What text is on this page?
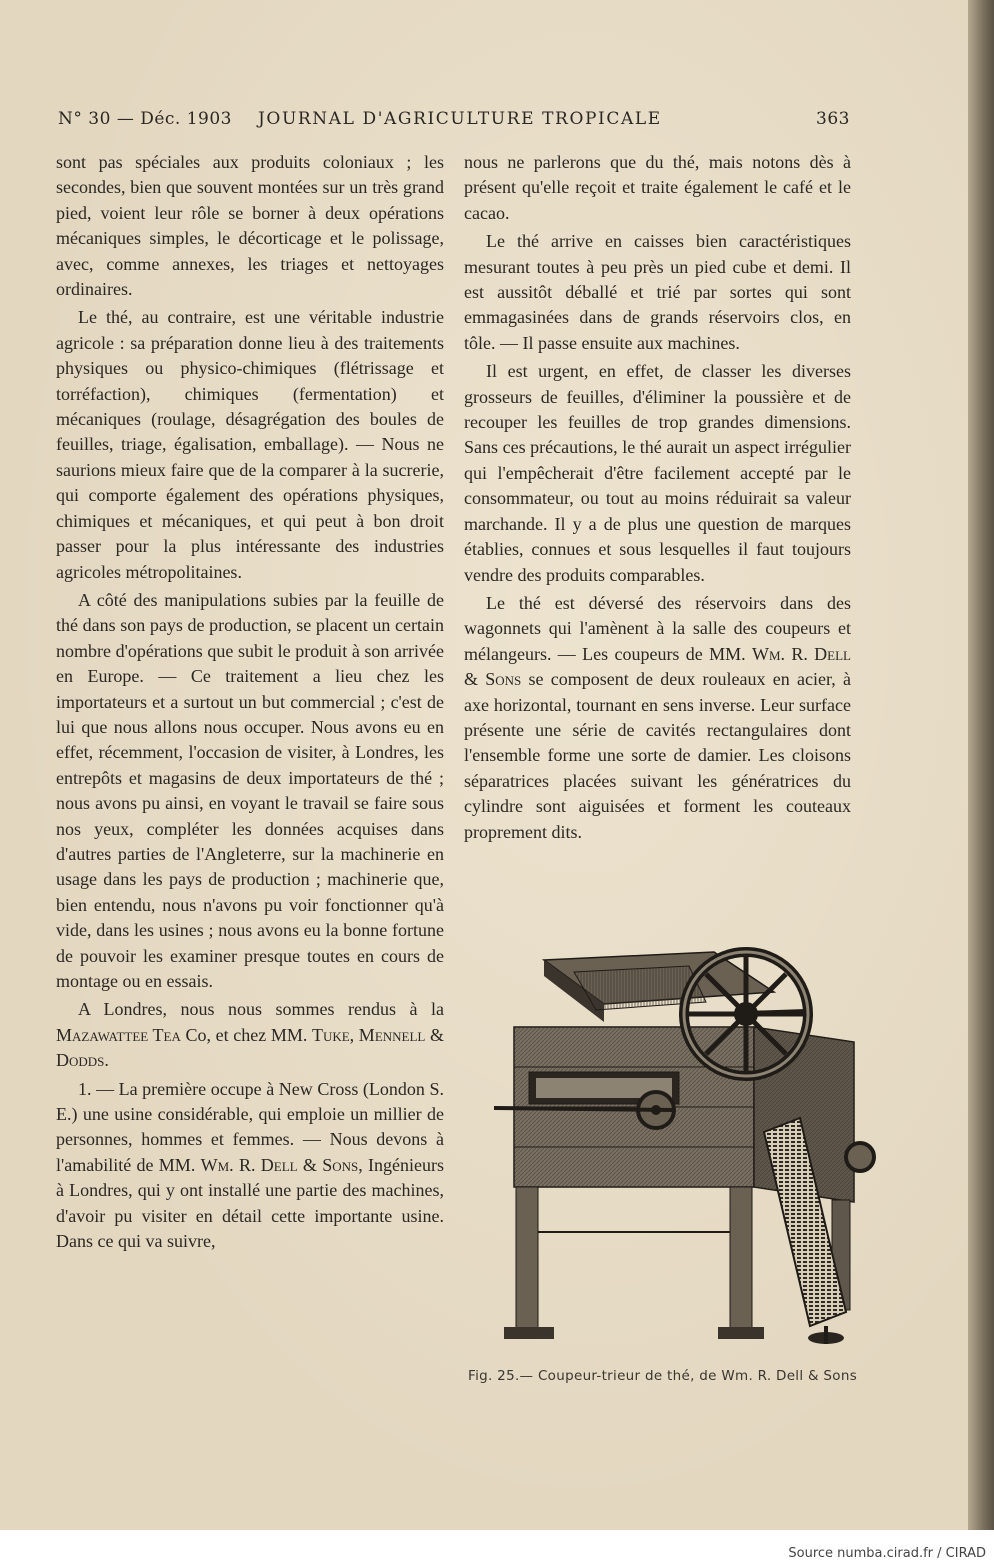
N° 30 — Déc. 1903 JOURNAL D'AGRICULTURE TROPICALE	363

sont pas spéciales aux produits coloniaux ; les secondes, bien que souvent montées sur un très grand pied, voient leur rôle se borner à deux opérations mécaniques simples, le décorticage et le polissage, avec, comme annexes, les triages et nettoyages ordinaires.

Le thé, au contraire, est une véritable industrie agricole : sa préparation donne lieu à des traitements physiques ou physico-chimiques (flétrissage et torréfaction), chimiques (fermentation) et mécaniques (roulage, désagrégation des boules de feuilles, triage, égalisation, emballage). — Nous ne saurions mieux faire que de la comparer à la sucrerie, qui comporte également des opérations physiques, chimiques et mécaniques, et qui peut à bon droit passer pour la plus intéressante des industries agricoles métropolitaines.

A côté des manipulations subies par la feuille de thé dans son pays de production, se placent un certain nombre d'opérations que subit le produit à son arrivée en Europe. — Ce traitement a lieu chez les importateurs et a surtout un but commercial ; c'est de lui que nous allons nous occuper. Nous avons eu en effet, récemment, l'occasion de visiter, à Londres, les entrepôts et magasins de deux importateurs de thé ; nous avons pu ainsi, en voyant le travail se faire sous nos yeux, compléter les données acquises dans d'autres parties de l'Angleterre, sur la machinerie en usage dans les pays de production ; machinerie que, bien entendu, nous n'avons pu voir fonctionner qu'à vide, dans les usines ; nous avons eu la bonne fortune de pouvoir les examiner presque toutes en cours de montage ou en essais.

A Londres, nous nous sommes rendus à la Mazawattee Tea Co, et chez MM. Tuke, Mennell & Dodds.

1. — La première occupe à New Cross (London S. E.) une usine considérable, qui emploie un millier de personnes, hommes et femmes. — Nous devons à l'amabilité de MM. Wm. R. Dell & Sons, Ingénieurs à Londres, qui y ont installé une partie des machines, d'avoir pu visiter en détail cette importante usine. Dans ce qui va suivre,

nous ne parlerons que du thé, mais notons dès à présent qu'elle reçoit et traite également le café et le cacao.

Le thé arrive en caisses bien caractéristiques mesurant toutes à peu près un pied cube et demi. Il est aussitôt déballé et trié par sortes qui sont emmagasinées dans de grands réservoirs clos, en tôle. — Il passe ensuite aux machines.

Il est urgent, en effet, de classer les diverses grosseurs de feuilles, d'éliminer la poussière et de recouper les feuilles de trop grandes dimensions. Sans ces précautions, le thé aurait un aspect irrégulier qui l'empêcherait d'être facilement accepté par le consommateur, ou tout au moins réduirait sa valeur marchande. Il y a de plus une question de marques établies, connues et sous lesquelles il faut toujours vendre des produits comparables.

Le thé est déversé des réservoirs dans des wagonnets qui l'amènent à la salle des coupeurs et mélangeurs. — Les coupeurs de MM. Wm. R. Dell & Sons se composent de deux rouleaux en acier, à axe horizontal, tournant en sens inverse. Leur surface présente une série de cavités rectangulaires dont l'ensemble forme une sorte de damier. Les cloisons séparatrices placées suivant les génératrices du cylindre sont aiguisées et forment les couteaux proprement dits.

Fig. 25.— Coupeur-trieur de thé, de Wm. R. Dell & Sons
Source numba.cirad.fr / CIRAD
